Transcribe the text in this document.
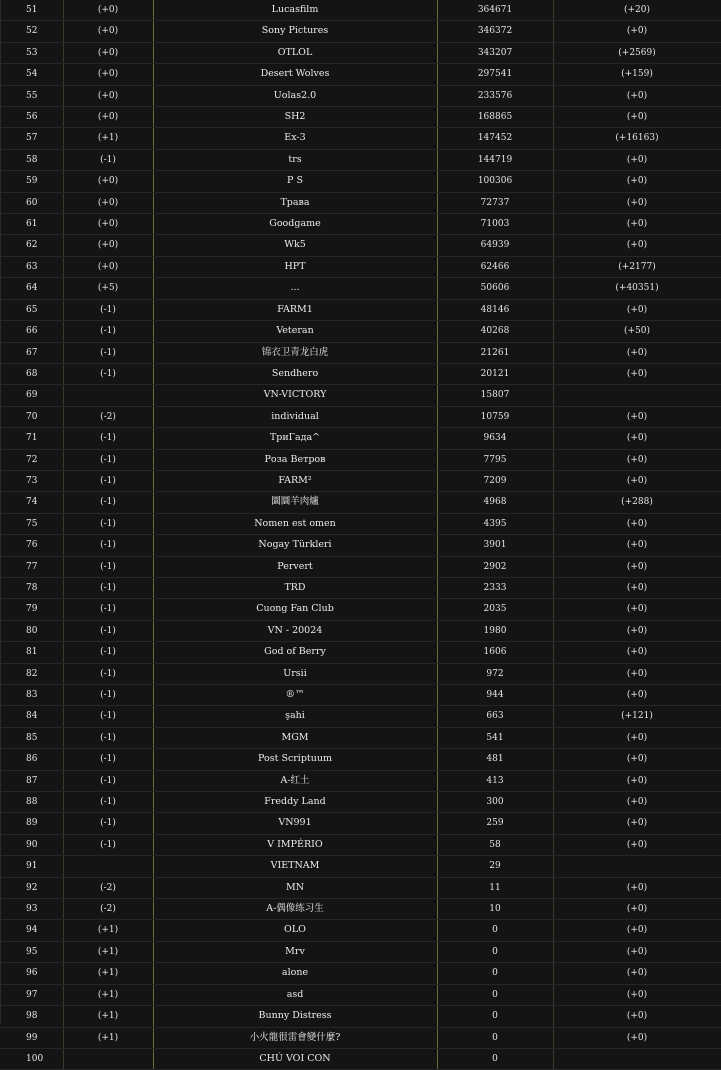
51	(+0)	Lucasfilm	364671	(+20)
52	(+0)	Sony Pictures	346372	(+0)
53	(+0)	OTLOL	343207	(+2569)
54	(+0)	Desert Wolves	297541	(+159)
55	(+0)	Uolas2.0	233576	(+0)
56	(+0)	SH2	168865	(+0)
57	(+1)	Ex-3	147452	(+16163)
58	(-1)	trs	144719	(+0)
59	(+0)	P S	100306	(+0)
60	(+0)	Трава	72737	(+0)
61	(+0)	Goodgame	71003	(+0)
62	(+0)	Wk5	64939	(+0)
63	(+0)	HPT	62466	(+2177)
64	(+5)	...	50606	(+40351)
65	(-1)	FARM1	48146	(+0)
66	(-1)	Veteran	40268	(+50)
67	(-1)	锦衣卫青龙白虎	21261	(+0)
68	(-1)	Sendhero	20121	(+0)
69		VN-VICTORY	15807	
70	(-2)	individual	10759	(+0)
71	(-1)	ТриГада^	9634	(+0)
72	(-1)	Роза Ветров	7795	(+0)
73	(-1)	FARM²	7209	(+0)
74	(-1)	圜圜羊肉爐	4968	(+288)
75	(-1)	Nomen est omen	4395	(+0)
76	(-1)	Nogay Türkleri	3901	(+0)
77	(-1)	Pervert	2902	(+0)
78	(-1)	TRD	2333	(+0)
79	(-1)	Cuong Fan Club	2035	(+0)
80	(-1)	VN - 20024	1980	(+0)
81	(-1)	God of Berry	1606	(+0)
82	(-1)	Ursii	972	(+0)
83	(-1)	®™	944	(+0)
84	(-1)	şahi	663	(+121)
85	(-1)	MGM	541	(+0)
86	(-1)	Post Scriptuum	481	(+0)
87	(-1)	A-红土	413	(+0)
88	(-1)	Freddy Land	300	(+0)
89	(-1)	VN991	259	(+0)
90	(-1)	V IMPÉRIO	58	(+0)
91		VIETNAM	29	
92	(-2)	MN	11	(+0)
93	(-2)	A-偶像练习生	10	(+0)
94	(+1)	OLO	0	(+0)
95	(+1)	Mrv	0	(+0)
96	(+1)	alone	0	(+0)
97	(+1)	asd	0	(+0)
98	(+1)	Bunny Distress	0	(+0)
99	(+1)	小火龍很雷會變什麼?	0	(+0)
100		CHÚ VOI CON	0	
